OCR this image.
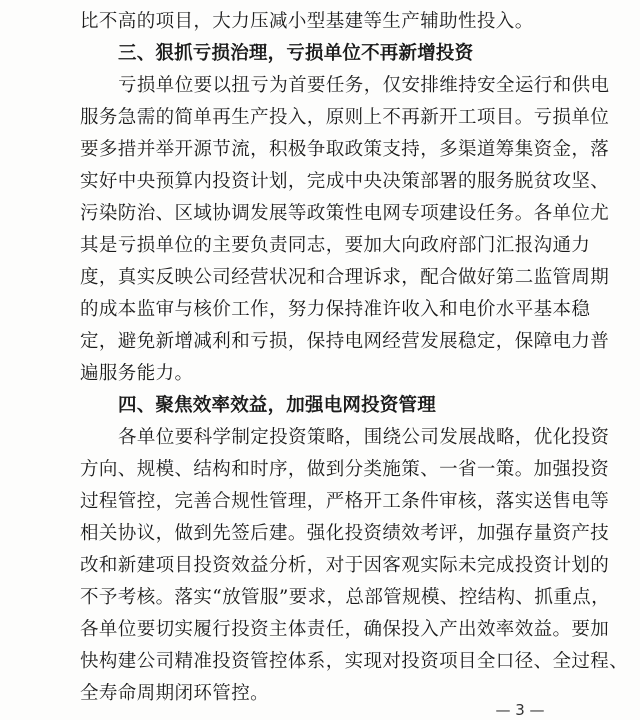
比不高的项目，大力压减小型基建等生产辅助性投入。
三、狠抓亏损治理，亏损单位不再新增投资
亏损单位要以扭亏为首要任务，仅安排维持安全运行和供电
服务急需的简单再生产投入，原则上不再新开工项目。亏损单位
要多措并举开源节流，积极争取政策支持，多渠道筹集资金，落
实好中央预算内投资计划，完成中央决策部署的服务脱贫攻坚、
污染防治、区域协调发展等政策性电网专项建设任务。各单位尤
其是亏损单位的主要负责同志，要加大向政府部门汇报沟通力
度，真实反映公司经营状况和合理诉求，配合做好第二监管周期
的成本监审与核价工作，努力保持准许收入和电价水平基本稳
定，避免新增减利和亏损，保持电网经营发展稳定，保障电力普
遍服务能力。
四、聚焦效率效益，加强电网投资管理
各单位要科学制定投资策略，围绕公司发展战略，优化投资
方向、规模、结构和时序，做到分类施策、一省一策。加强投资
过程管控，完善合规性管理，严格开工条件审核，落实送售电等
相关协议，做到先签后建。强化投资绩效考评，加强存量资产技
改和新建项目投资效益分析，对于因客观实际未完成投资计划的
不予考核。落实“放管服”要求，总部管规模、控结构、抓重点，
各单位要切实履行投资主体责任，确保投入产出效率效益。要加
快构建公司精准投资管控体系，实现对投资项目全口径、全过程、
全寿命周期闭环管控。
— 3 —
